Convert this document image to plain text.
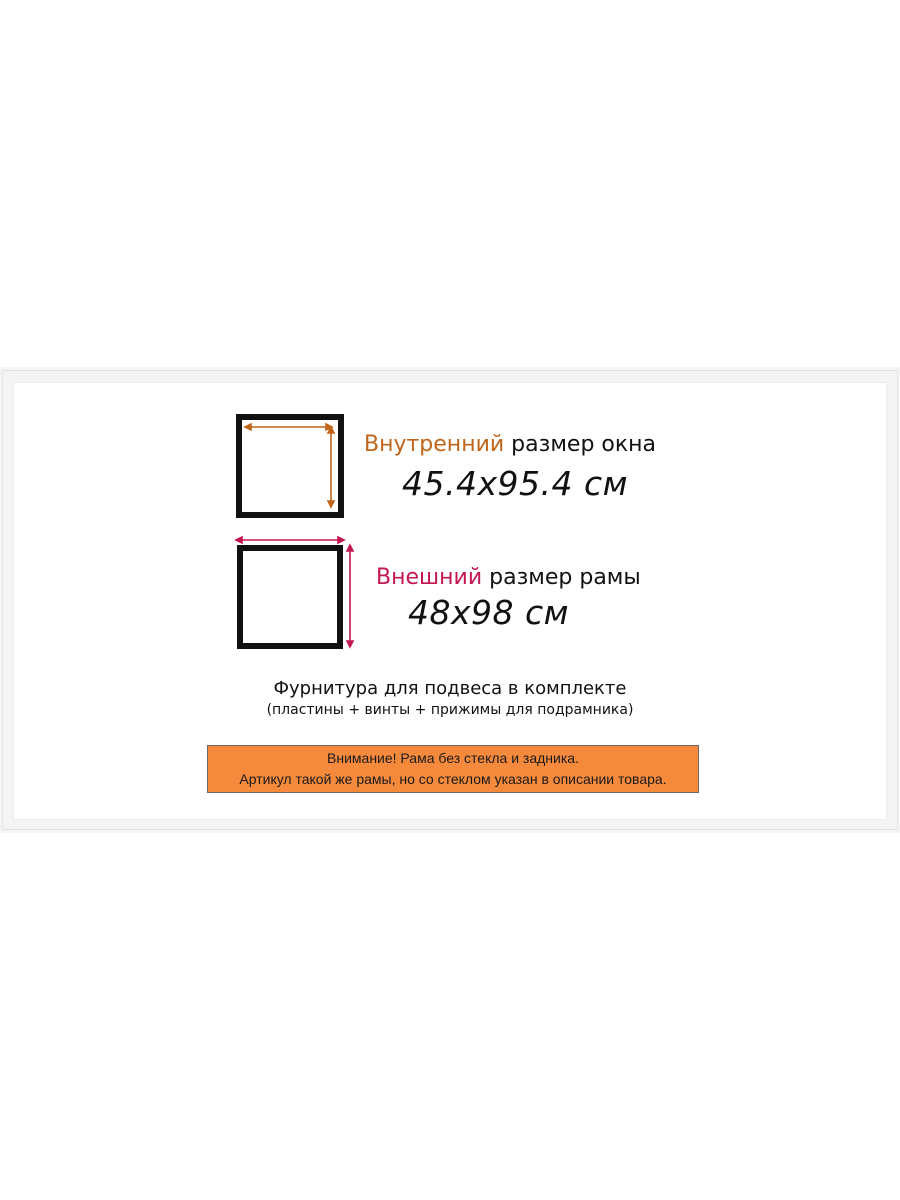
Внутренний размер окна
45.4x95.4 см
Внешний размер рамы
48x98 см
Фурнитура для подвеса в комплекте
(пластины + винты + прижимы для подрамника)
Внимание! Рама без стекла и задника.
Артикул такой же рамы, но со стеклом указан в описании товара.
